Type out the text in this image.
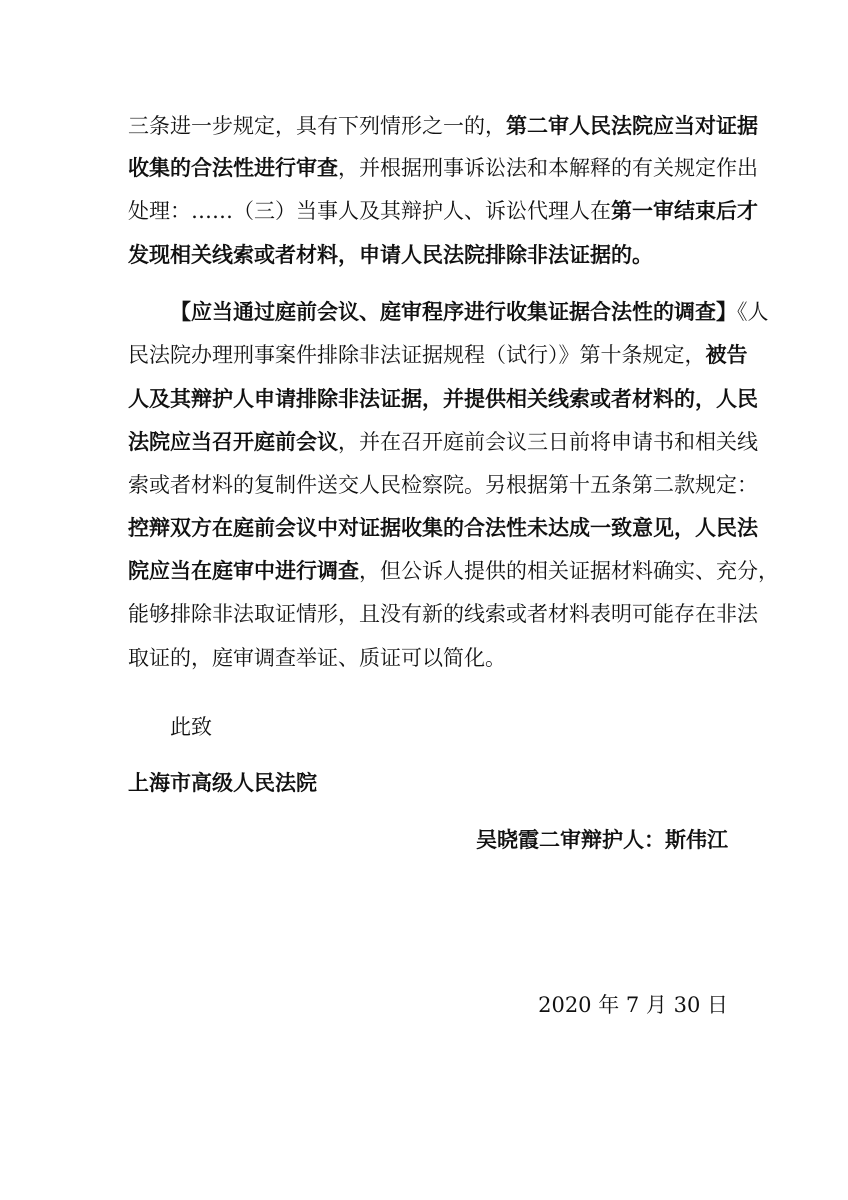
三条进一步规定，具有下列情形之一的，第二审人民法院应当对证据
收集的合法性进行审查，并根据刑事诉讼法和本解释的有关规定作出
处理：……（三）当事人及其辩护人、诉讼代理人在第一审结束后才
发现相关线索或者材料，申请人民法院排除非法证据的。
【应当通过庭前会议、庭审程序进行收集证据合法性的调查】《人
民法院办理刑事案件排除非法证据规程（试行）》第十条规定，被告
人及其辩护人申请排除非法证据，并提供相关线索或者材料的，人民
法院应当召开庭前会议，并在召开庭前会议三日前将申请书和相关线
索或者材料的复制件送交人民检察院。另根据第十五条第二款规定：
控辩双方在庭前会议中对证据收集的合法性未达成一致意见，人民法
院应当在庭审中进行调查，但公诉人提供的相关证据材料确实、充分，
能够排除非法取证情形，且没有新的线索或者材料表明可能存在非法
取证的，庭审调查举证、质证可以简化。
此致
上海市高级人民法院
吴晓霞二审辩护人：斯伟江
2020 年 7 月 30 日
